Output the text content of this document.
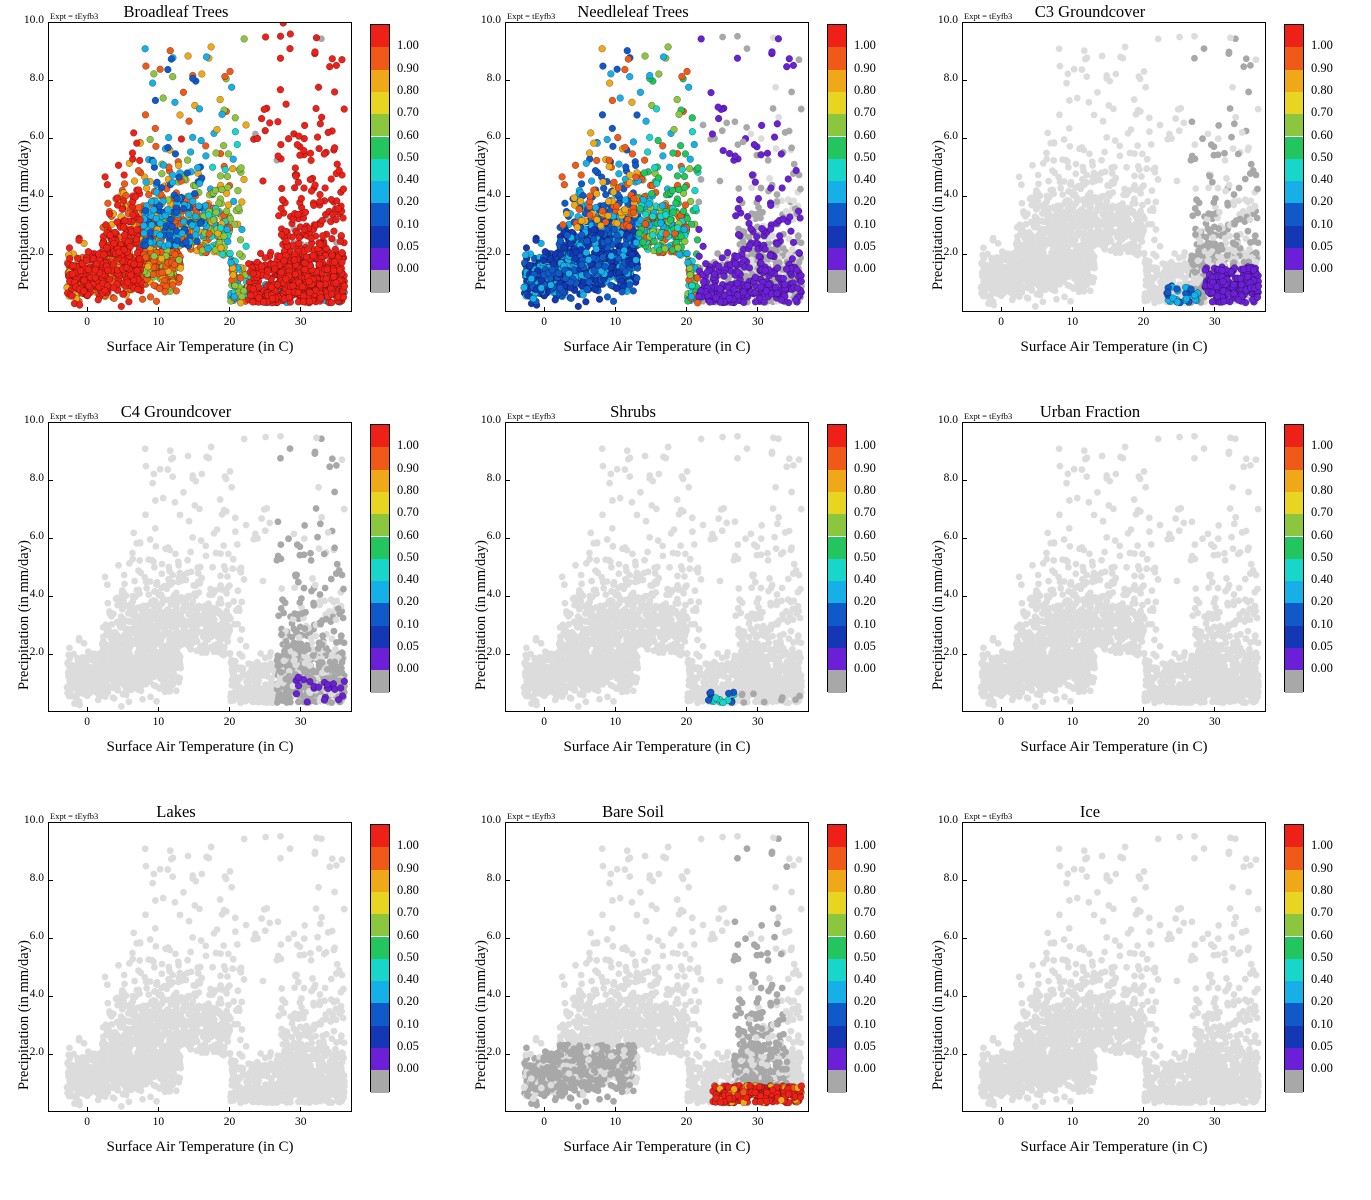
Broadleaf Trees
Expt = tEyfb3
2.0
4.0
6.0
8.0
10.0
0	10	20	30
Precipitation (in mm/day)
Surface Air Temperature (in C)
1.00
0.90
0.80
0.70
0.60
0.50
0.40
0.20
0.10
0.05
0.00
Needleleaf Trees
Expt = tEyfb3
2.0
4.0
6.0
8.0
10.0
0	10	20	30
Precipitation (in mm/day)
Surface Air Temperature (in C)
1.00
0.90
0.80
0.70
0.60
0.50
0.40
0.20
0.10
0.05
0.00
C3 Groundcover
Expt = tEyfb3
2.0
4.0
6.0
8.0
10.0
0	10	20	30
Precipitation (in mm/day)
Surface Air Temperature (in C)
1.00
0.90
0.80
0.70
0.60
0.50
0.40
0.20
0.10
0.05
0.00
C4 Groundcover
Expt = tEyfb3
2.0
4.0
6.0
8.0
10.0
0	10	20	30
Precipitation (in mm/day)
Surface Air Temperature (in C)
1.00
0.90
0.80
0.70
0.60
0.50
0.40
0.20
0.10
0.05
0.00
Shrubs
Expt = tEyfb3
2.0
4.0
6.0
8.0
10.0
0	10	20	30
Precipitation (in mm/day)
Surface Air Temperature (in C)
1.00
0.90
0.80
0.70
0.60
0.50
0.40
0.20
0.10
0.05
0.00
Urban Fraction
Expt = tEyfb3
2.0
4.0
6.0
8.0
10.0
0	10	20	30
Precipitation (in mm/day)
Surface Air Temperature (in C)
1.00
0.90
0.80
0.70
0.60
0.50
0.40
0.20
0.10
0.05
0.00
Lakes
Expt = tEyfb3
2.0
4.0
6.0
8.0
10.0
0	10	20	30
Precipitation (in mm/day)
Surface Air Temperature (in C)
1.00
0.90
0.80
0.70
0.60
0.50
0.40
0.20
0.10
0.05
0.00
Bare Soil
Expt = tEyfb3
2.0
4.0
6.0
8.0
10.0
0	10	20	30
Precipitation (in mm/day)
Surface Air Temperature (in C)
1.00
0.90
0.80
0.70
0.60
0.50
0.40
0.20
0.10
0.05
0.00
Ice
Expt = tEyfb3
2.0
4.0
6.0
8.0
10.0
0	10	20	30
Precipitation (in mm/day)
Surface Air Temperature (in C)
1.00
0.90
0.80
0.70
0.60
0.50
0.40
0.20
0.10
0.05
0.00
